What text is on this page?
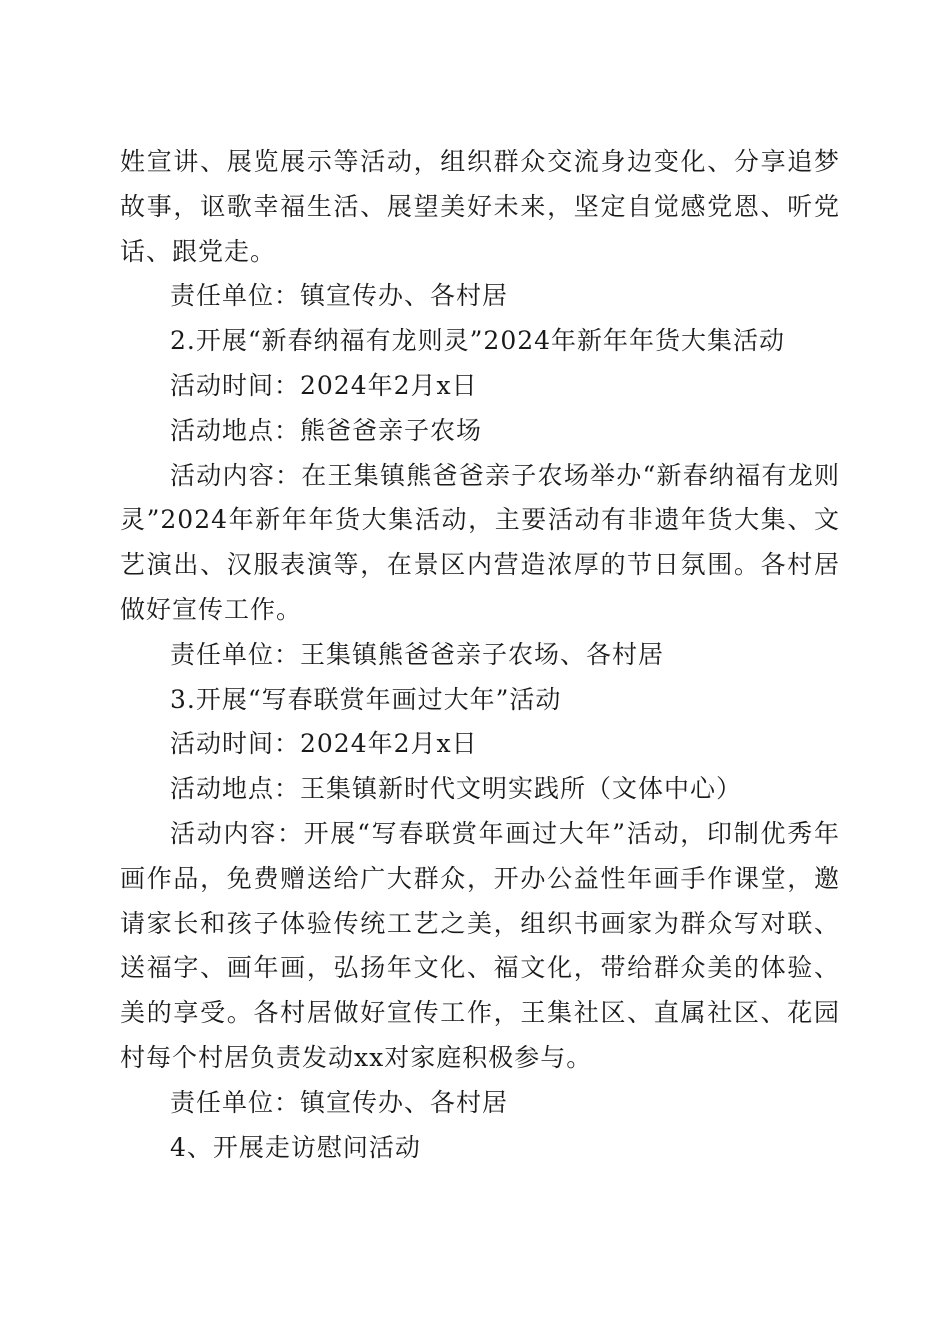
姓宣讲、展览展示等活动，组织群众交流身边变化、分享追梦故事，讴歌幸福生活、展望美好未来，坚定自觉感党恩、听党话、跟党走。

责任单位：镇宣传办、各村居

2.开展“新春纳福有龙则灵”2024年新年年货大集活动

活动时间：2024年2月x日

活动地点：熊爸爸亲子农场

活动内容：在王集镇熊爸爸亲子农场举办“新春纳福有龙则灵”2024年新年年货大集活动，主要活动有非遗年货大集、文艺演出、汉服表演等，在景区内营造浓厚的节日氛围。各村居做好宣传工作。

责任单位：王集镇熊爸爸亲子农场、各村居

3.开展“写春联赏年画过大年”活动

活动时间：2024年2月x日

活动地点：王集镇新时代文明实践所（文体中心）

活动内容：开展“写春联赏年画过大年”活动，印制优秀年画作品，免费赠送给广大群众，开办公益性年画手作课堂，邀请家长和孩子体验传统工艺之美，组织书画家为群众写对联、送福字、画年画，弘扬年文化、福文化，带给群众美的体验、美的享受。各村居做好宣传工作，王集社区、直属社区、花园村每个村居负责发动xx对家庭积极参与。

责任单位：镇宣传办、各村居

4、开展走访慰问活动
